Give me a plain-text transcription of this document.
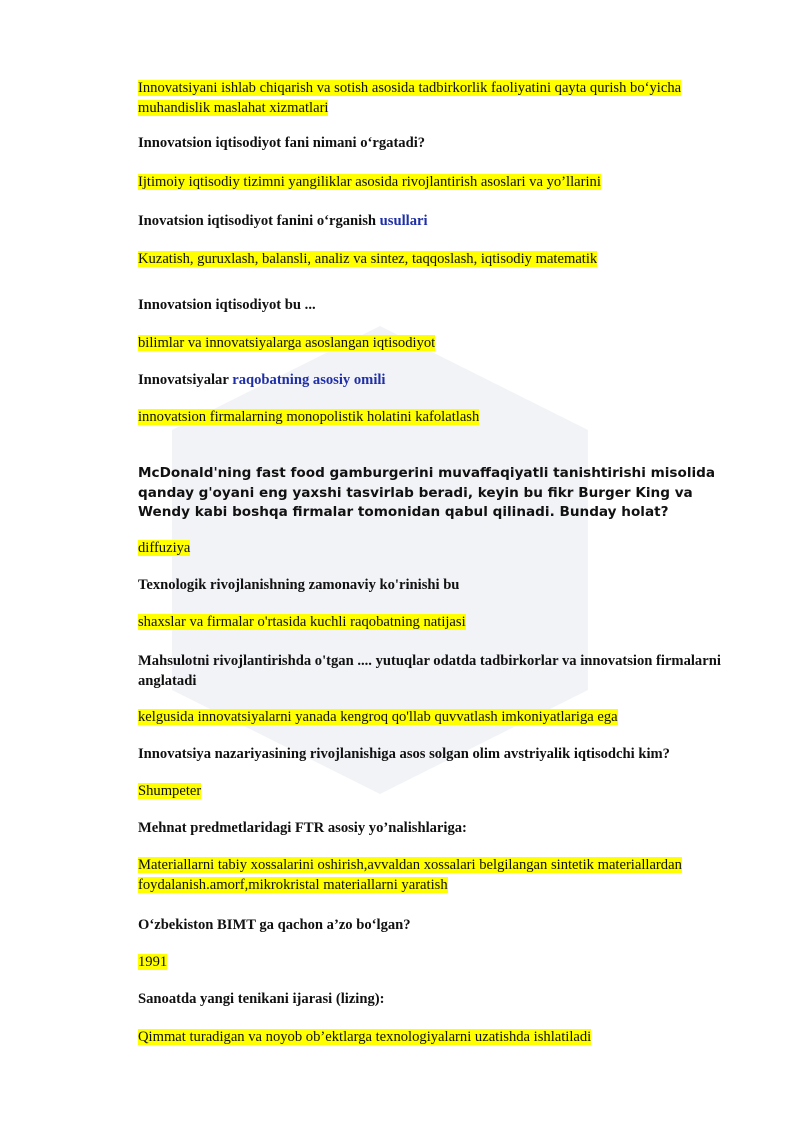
Innovatsiyani ishlab chiqarish va sotish asosida tadbirkorlik faoliyatini qayta qurish bo‘yicha muhandislik maslahat xizmatlari
Innovatsion iqtisodiyot fani nimani o‘rgatadi?
Ijtimoiy iqtisodiy tizimni yangiliklar asosida rivojlantirish asoslari va yo’llarini
Inovatsion iqtisodiyot fanini o‘rganish usullari
Kuzatish, guruxlash, balansli, analiz va sintez, taqqoslash, iqtisodiy matematik
Innovatsion iqtisodiyot bu ...
bilimlar va innovatsiyalarga asoslangan iqtisodiyot
Innovatsiyalar raqobatning asosiy omili
innovatsion firmalarning monopolistik holatini kafolatlash
McDonald'ning fast food gamburgerini muvaffaqiyatli tanishtirishi misolida qanday g'oyani eng yaxshi tasvirlab beradi, keyin bu fikr Burger King va Wendy kabi boshqa firmalar tomonidan qabul qilinadi. Bunday holat?
diffuziya
Texnologik rivojlanishning zamonaviy ko'rinishi bu
shaxslar va firmalar o'rtasida kuchli raqobatning natijasi
Mahsulotni rivojlantirishda o'tgan .... yutuqlar odatda tadbirkorlar va innovatsion firmalarni anglatadi
kelgusida innovatsiyalarni yanada kengroq qo'llab quvvatlash imkoniyatlariga ega
Innovatsiya nazariyasining rivojlanishiga asos solgan olim avstriyalik iqtisodchi kim?
Shumpeter
Mehnat predmetlaridagi FTR asosiy yo’nalishlariga:
Materiallarni tabiy xossalarini oshirish,avvaldan xossalari belgilangan sintetik materiallardan foydalanish.amorf,mikrokristal materiallarni yaratish
O‘zbekiston BIMT ga qachon a’zo bo‘lgan?
1991
Sanoatda yangi tenikani ijarasi (lizing):
Qimmat turadigan va noyob ob’ektlarga texnologiyalarni uzatishda ishlatiladi
